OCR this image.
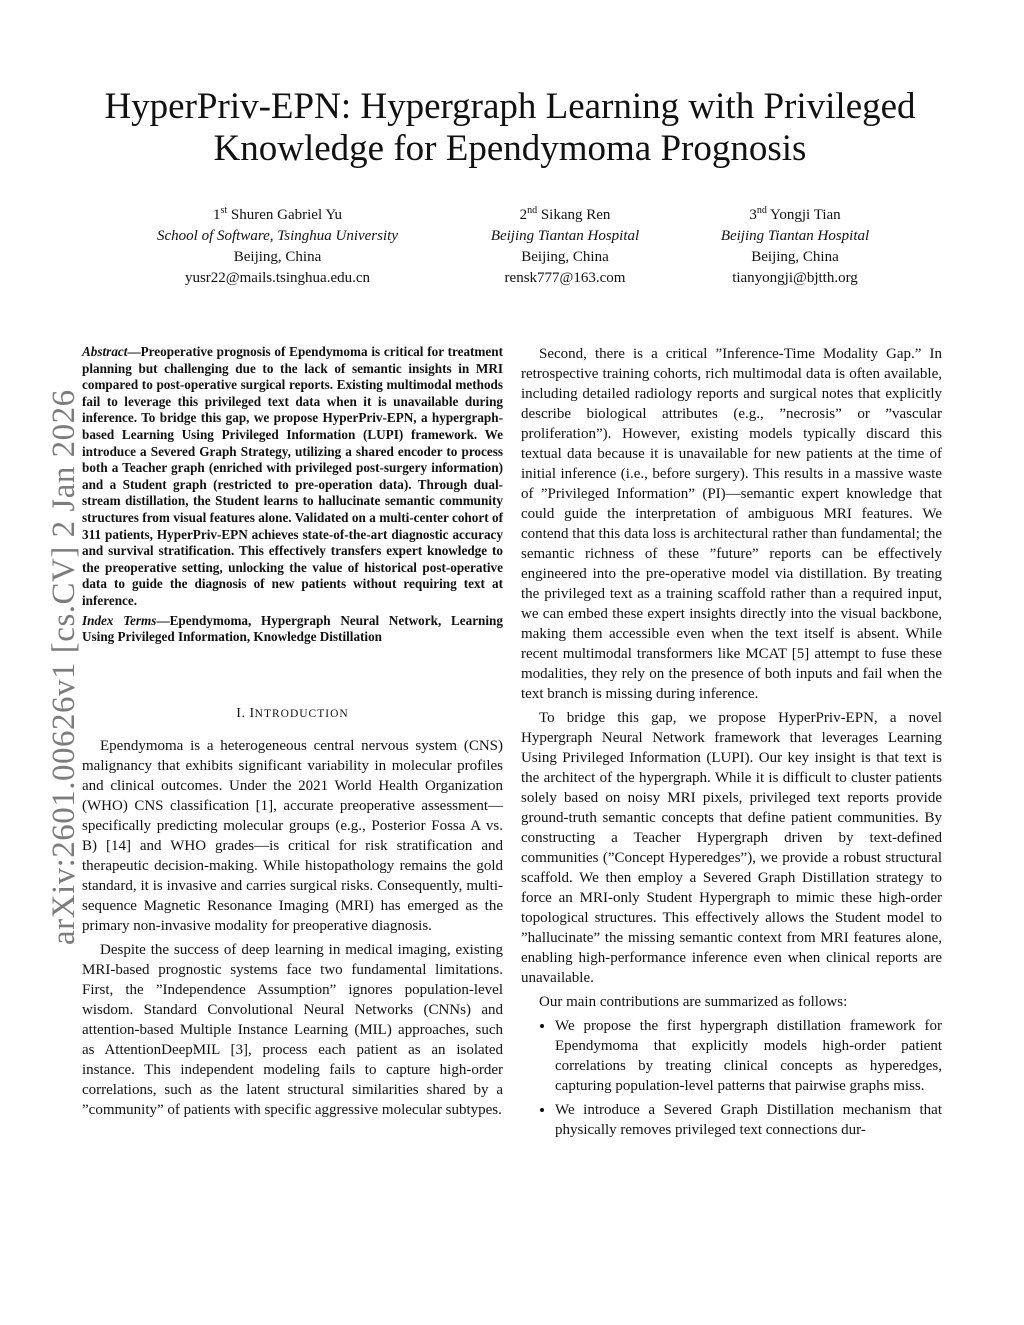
arXiv:2601.00626v1 [cs.CV] 2 Jan 2026
HyperPriv-EPN: Hypergraph Learning with Privileged Knowledge for Ependymoma Prognosis
1st Shuren Gabriel Yu
School of Software, Tsinghua University
Beijing, China
yusr22@mails.tsinghua.edu.cn
2nd Sikang Ren
Beijing Tiantan Hospital
Beijing, China
rensk777@163.com
3nd Yongji Tian
Beijing Tiantan Hospital
Beijing, China
tianyongji@bjtth.org

Abstract—Preoperative prognosis of Ependymoma is critical for treatment planning but challenging due to the lack of semantic insights in MRI compared to post-operative surgical reports. Existing multimodal methods fail to leverage this privileged text data when it is unavailable during inference. To bridge this gap, we propose HyperPriv-EPN, a hypergraph-based Learning Using Privileged Information (LUPI) framework. We introduce a Severed Graph Strategy, utilizing a shared encoder to process both a Teacher graph (enriched with privileged post-surgery information) and a Student graph (restricted to pre-operation data). Through dual-stream distillation, the Student learns to hallucinate semantic community structures from visual features alone. Validated on a multi-center cohort of 311 patients, HyperPriv-EPN achieves state-of-the-art diagnostic accuracy and survival stratification. This effectively transfers expert knowledge to the preoperative setting, unlocking the value of historical post-operative data to guide the diagnosis of new patients without requiring text at inference.

Index Terms—Ependymoma, Hypergraph Neural Network, Learning Using Privileged Information, Knowledge Distillation

I. INTRODUCTION

Ependymoma is a heterogeneous central nervous system (CNS) malignancy that exhibits significant variability in molecular profiles and clinical outcomes. Under the 2021 World Health Organization (WHO) CNS classification [1], accurate preoperative assessment—specifically predicting molecular groups (e.g., Posterior Fossa A vs. B) [14] and WHO grades—is critical for risk stratification and therapeutic decision-making. While histopathology remains the gold standard, it is invasive and carries surgical risks. Consequently, multi-sequence Magnetic Resonance Imaging (MRI) has emerged as the primary non-invasive modality for preoperative diagnosis.

Despite the success of deep learning in medical imaging, existing MRI-based prognostic systems face two fundamental limitations. First, the ”Independence Assumption” ignores population-level wisdom. Standard Convolutional Neural Networks (CNNs) and attention-based Multiple Instance Learning (MIL) approaches, such as AttentionDeepMIL [3], process each patient as an isolated instance. This independent modeling fails to capture high-order correlations, such as the latent structural similarities shared by a ”community” of patients with specific aggressive molecular subtypes.

Second, there is a critical ”Inference-Time Modality Gap.” In retrospective training cohorts, rich multimodal data is often available, including detailed radiology reports and surgical notes that explicitly describe biological attributes (e.g., ”necrosis” or ”vascular proliferation”). However, existing models typically discard this textual data because it is unavailable for new patients at the time of initial inference (i.e., before surgery). This results in a massive waste of ”Privileged Information” (PI)—semantic expert knowledge that could guide the interpretation of ambiguous MRI features. We contend that this data loss is architectural rather than fundamental; the semantic richness of these ”future” reports can be effectively engineered into the pre-operative model via distillation. By treating the privileged text as a training scaffold rather than a required input, we can embed these expert insights directly into the visual backbone, making them accessible even when the text itself is absent. While recent multimodal transformers like MCAT [5] attempt to fuse these modalities, they rely on the presence of both inputs and fail when the text branch is missing during inference.

To bridge this gap, we propose HyperPriv-EPN, a novel Hypergraph Neural Network framework that leverages Learning Using Privileged Information (LUPI). Our key insight is that text is the architect of the hypergraph. While it is difficult to cluster patients solely based on noisy MRI pixels, privileged text reports provide ground-truth semantic concepts that define patient communities. By constructing a Teacher Hypergraph driven by text-defined communities (”Concept Hyperedges”), we provide a robust structural scaffold. We then employ a Severed Graph Distillation strategy to force an MRI-only Student Hypergraph to mimic these high-order topological structures. This effectively allows the Student model to ”hallucinate” the missing semantic context from MRI features alone, enabling high-performance inference even when clinical reports are unavailable.

Our main contributions are summarized as follows:

• We propose the first hypergraph distillation framework for Ependymoma that explicitly models high-order patient correlations by treating clinical concepts as hyperedges, capturing population-level patterns that pairwise graphs miss.
• We introduce a Severed Graph Distillation mechanism that physically removes privileged text connections dur-
